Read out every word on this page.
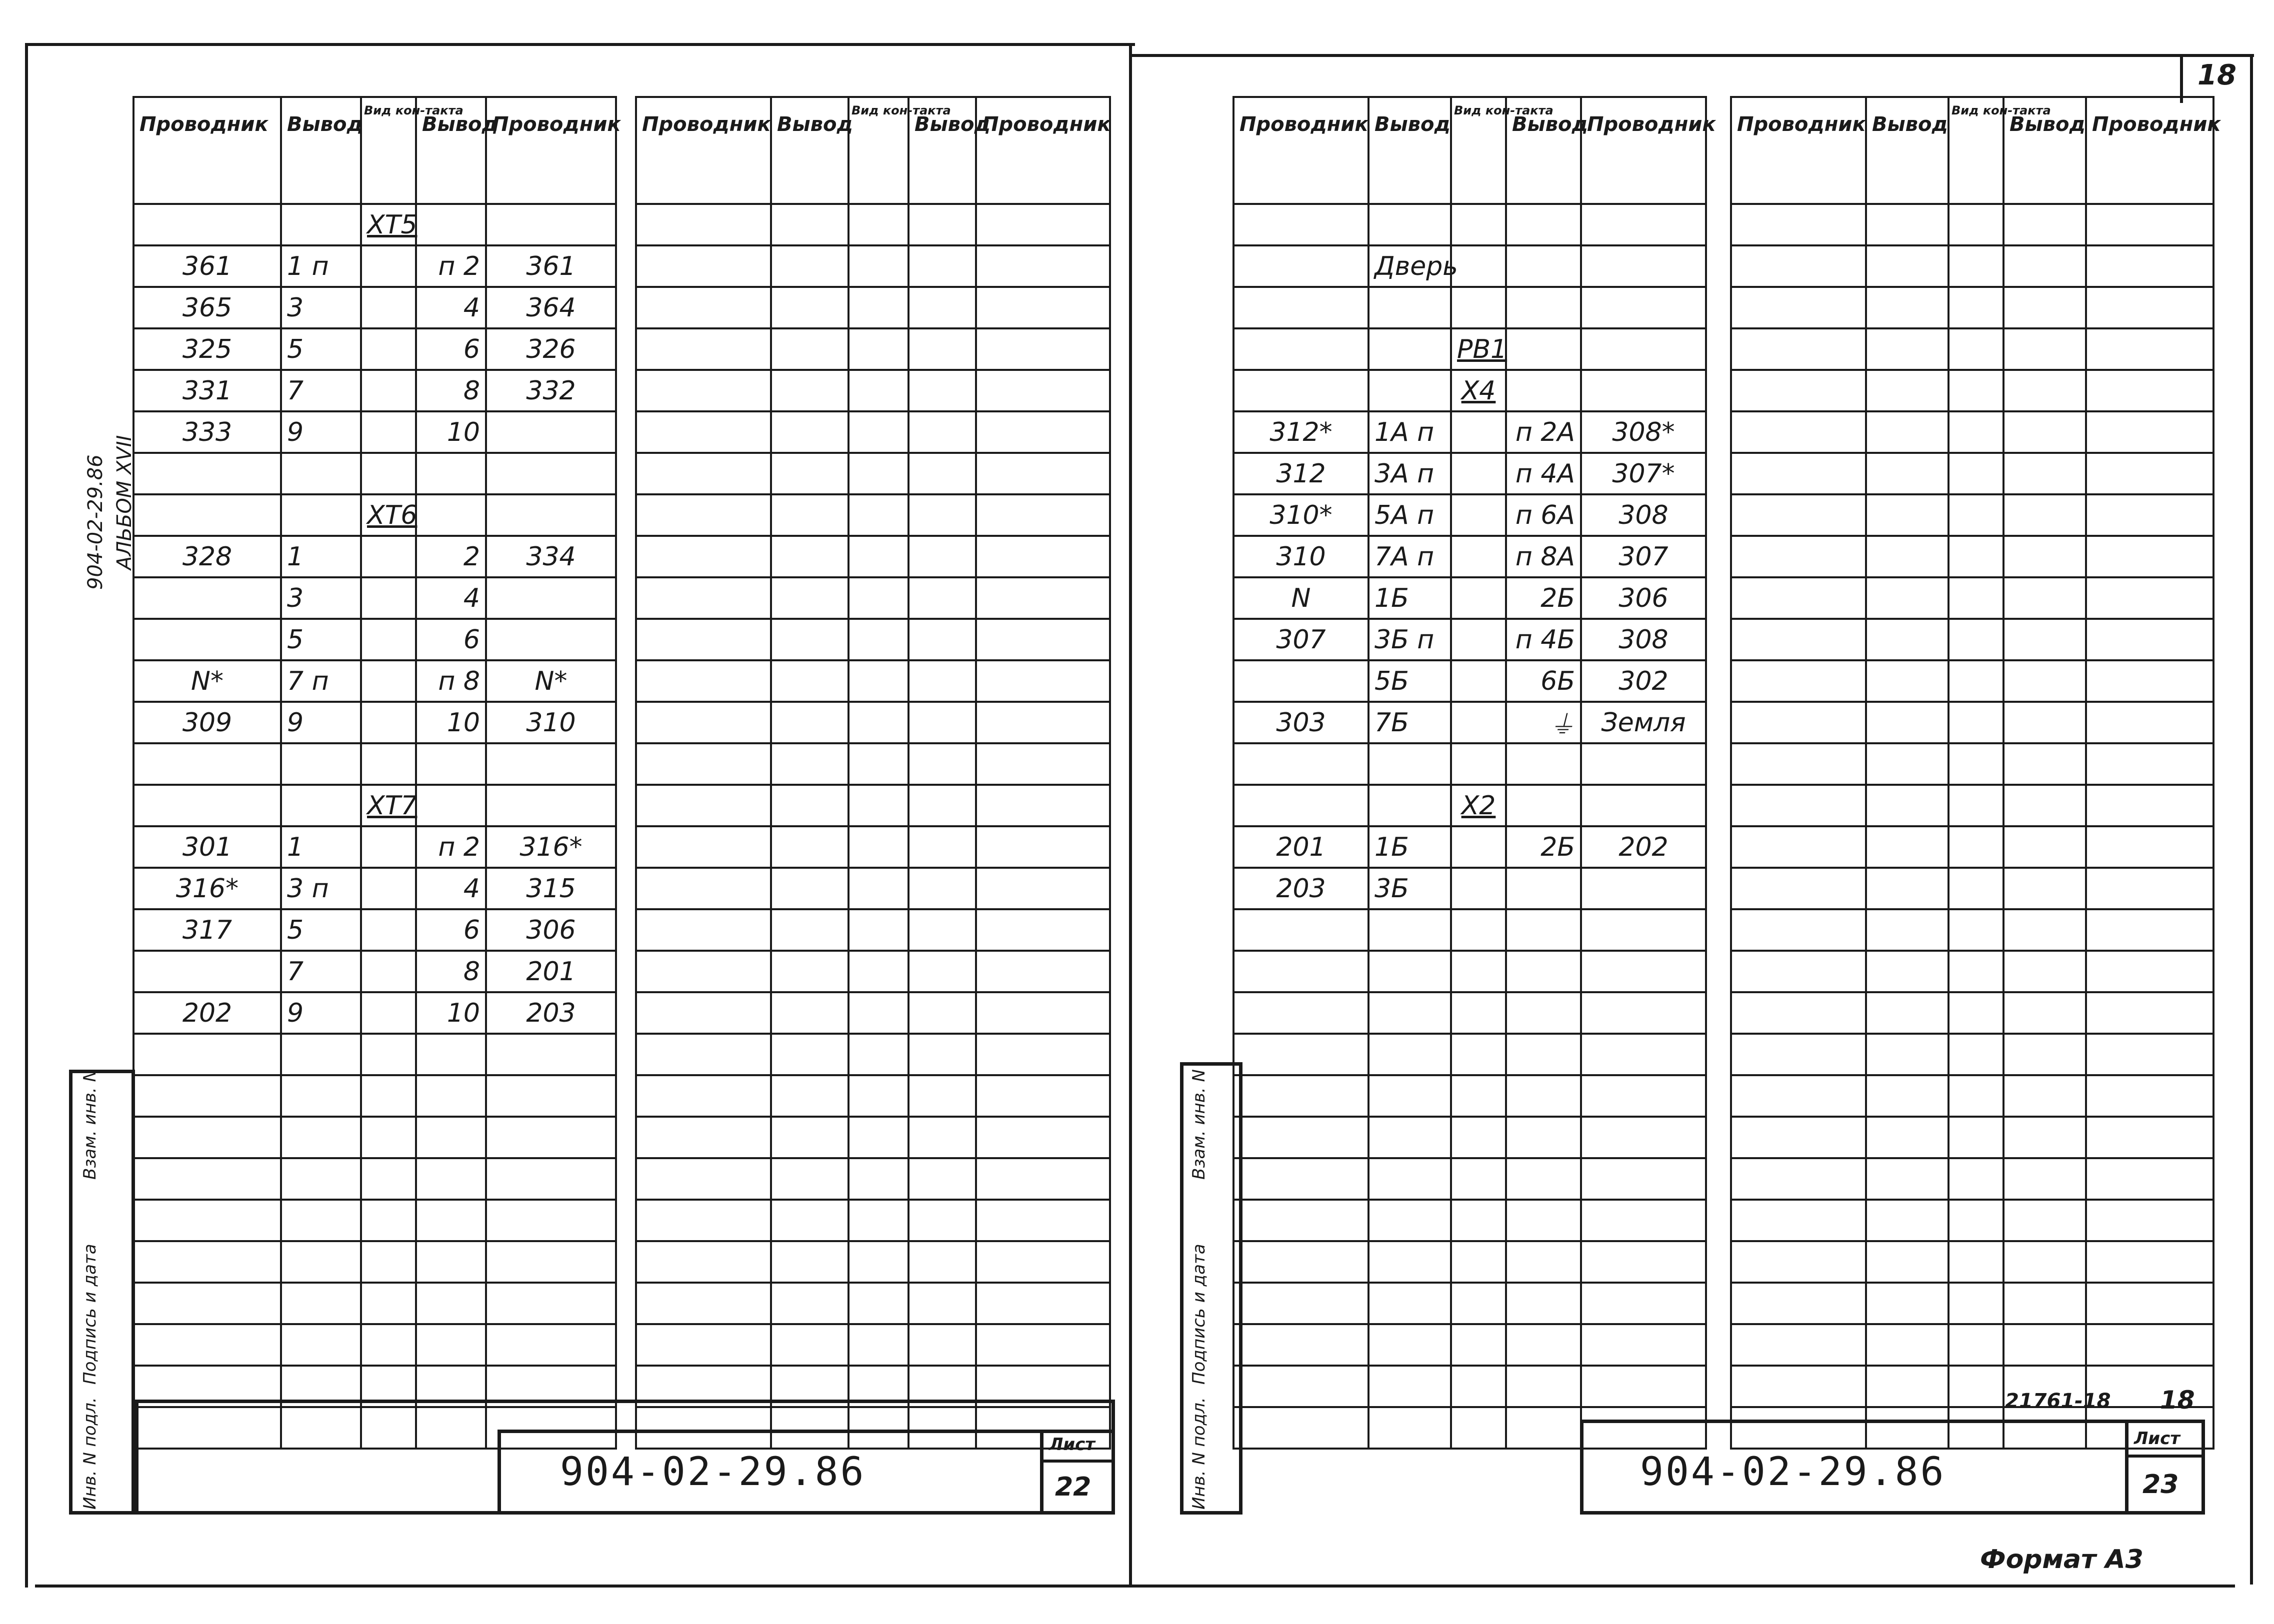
18
904-02-29.86 АЛЬБОМ XVII
Проводник	Вывод	Вид кон-такта	Вывод	Проводник
		XT5		
361	1 п		п 2	361
365	3		4	364
325	5		6	326
331	7		8	332
333	9		10	

		XT6		
328	1		2	334
	3		4	
	5		6	
N*	7 п		п 8	N*
309	9		10	310

		XT7		
301	1		п 2	316*
316*	3 п		4	315
317	5		6	306
	7		8	201
202	9		10	203

Проводник	Вывод	Вид кон-такта	Вывод	Проводник

Взам. инв. N
Подпись и дата
Инв. N подл.	904-02-29.86
Лист
22
Проводник	Вывод	Вид кон-такта	Вывод	Проводник

	Дверь			

		PB1		
		X4		
312*	1А п		п 2А	308*
312	3А п		п 4А	307*
310*	5А п		п 6А	308
310	7А п		п 8А	307
N	1Б		2Б	306
307	3Б п		п 4Б	308
	5Б		6Б	302
303	7Б		⏚	Земля

		X2		
201	1Б		2Б	202
203	3Б			

Проводник	Вывод	Вид кон-такта	Вывод	Проводник

Взам. инв. N
Подпись и дата
Инв. N подл.	21761-18 18
904-02-29.86
Лист
23
Формат А3
